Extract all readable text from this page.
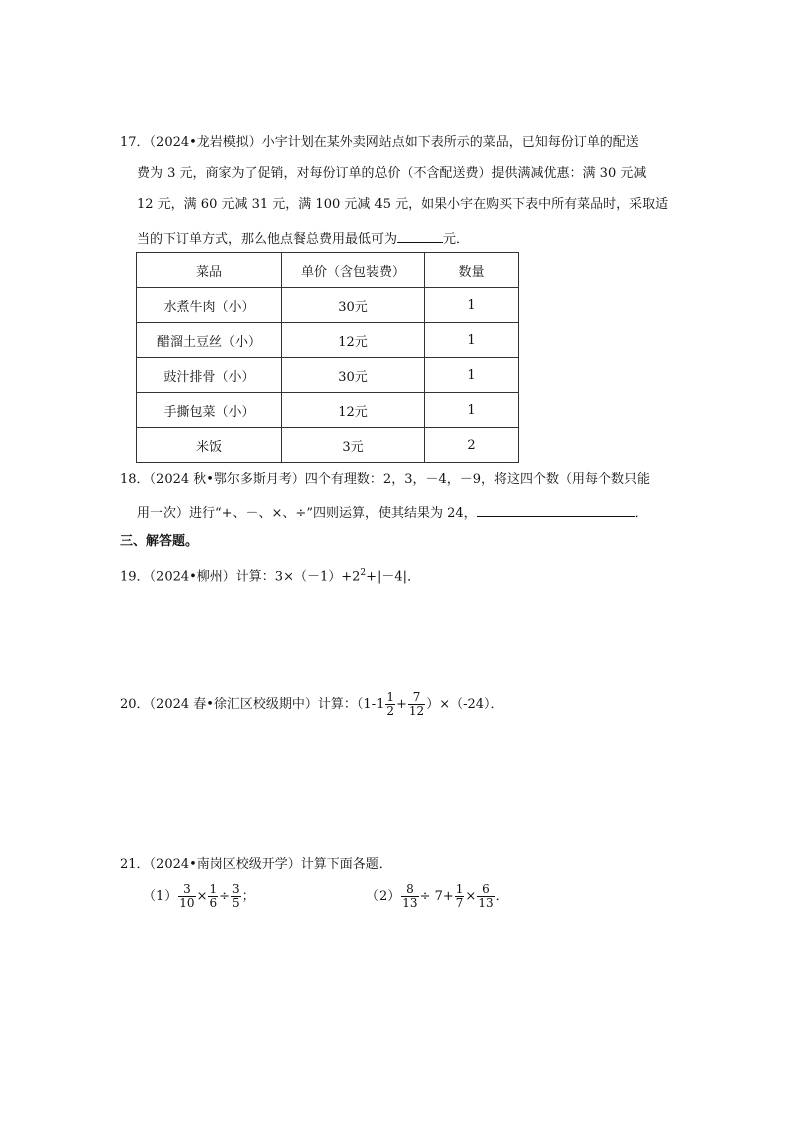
17．（2024•龙岩模拟）小宇计划在某外卖网站点如下表所示的菜品，已知每份订单的配送
费为 3 元，商家为了促销，对每份订单的总价（不含配送费）提供满减优惠：满 30 元减
12 元，满 60 元减 31 元，满 100 元减 45 元，如果小宇在购买下表中所有菜品时，采取适
当的下订单方式，那么他点餐总费用最低可为	元．
菜品	单价（含包装费）	数量
水煮牛肉（小）	30元	1
醋溜土豆丝（小）	12元	1
豉汁排骨（小）	30元	1
手撕包菜（小）	12元	1
米饭	3元	2
18．（2024 秋•鄂尔多斯月考）四个有理数：2，3，－4，－9，将这四个数（用每个数只能
用一次）进行“+、－、×、÷”四则运算，使其结果为 24，	．
三、解答题。
19．（2024•柳州）计算：$3\times(-1)+2^2+|-4|$．
20．（2024 春•徐汇区校级期中）计算：$(1-1 \frac{1}{2} + \frac{7}{12} )\times(-24)$．
21．（2024•南岗区校级开学）计算下面各题．
$(1) \frac{3}{10} \times \frac{1}{6} \div \frac{3}{5}$ ；	$(2) \frac{8}{13} \div 7+ \frac{1}{7} \times \frac{6}{13}$ ．
